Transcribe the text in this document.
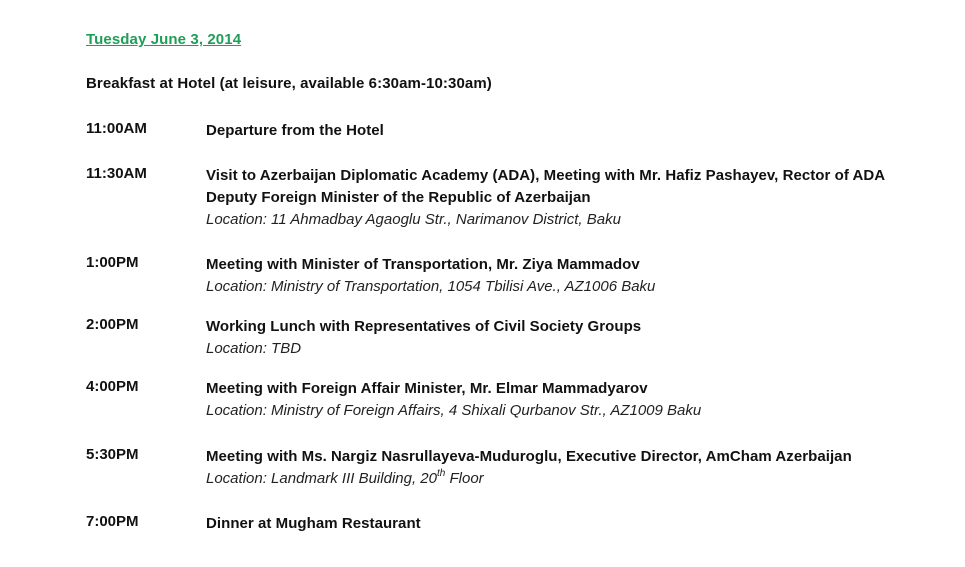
Tuesday June 3, 2014
Breakfast at Hotel (at leisure, available 6:30am-10:30am)
11:00AM	Departure from the Hotel
11:30AM	Visit to Azerbaijan Diplomatic Academy (ADA), Meeting with Mr. Hafiz Pashayev, Rector of ADA
Deputy Foreign Minister of the Republic of Azerbaijan
Location: 11 Ahmadbay Agaoglu Str., Narimanov District, Baku
1:00PM	Meeting with Minister of Transportation, Mr. Ziya Mammadov
Location: Ministry of Transportation, 1054 Tbilisi Ave., AZ1006 Baku
2:00PM	Working Lunch with Representatives of Civil Society Groups
Location: TBD
4:00PM	Meeting with Foreign Affair Minister, Mr. Elmar Mammadyarov
Location: Ministry of Foreign Affairs, 4 Shixali Qurbanov Str., AZ1009 Baku
5:30PM	Meeting with Ms. Nargiz Nasrullayeva-Muduroglu, Executive Director, AmCham Azerbaijan
Location: Landmark III Building, 20th Floor
7:00PM	Dinner at Mugham Restaurant
